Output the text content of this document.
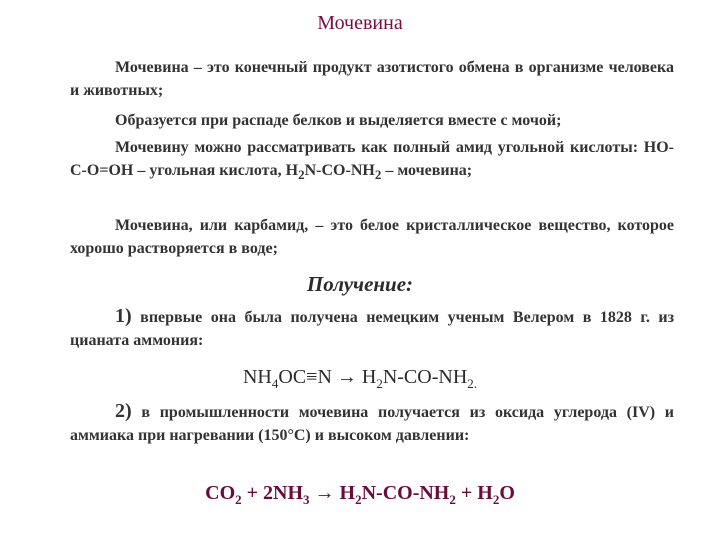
Мочевина
Мочевина – это конечный продукт азотистого обмена в организме человека и животных;
Образуется при распаде белков и выделяется вместе с мочой;
Мочевину можно рассматривать как полный амид угольной кислоты: НО-С-О=ОН – угольная кислота, $Н_2N-CO-NH_2$ – мочевина;
Мочевина, или карбамид, – это белое кристаллическое вещество, которое хорошо растворяется в воде;
Получение:
1) впервые она была получена немецким ученым Велером в 1828 г. из цианата аммония:
$NH_4OC\equiv N \to H_2N-CO-NH_{2.}$
2) в промышленности мочевина получается из оксида углерода (IV) и аммиака при нагревании (150°C) и высоком давлении:
$CO_2 + 2NH_3 \to H_2N-CO-NH_2 + H_2O$
